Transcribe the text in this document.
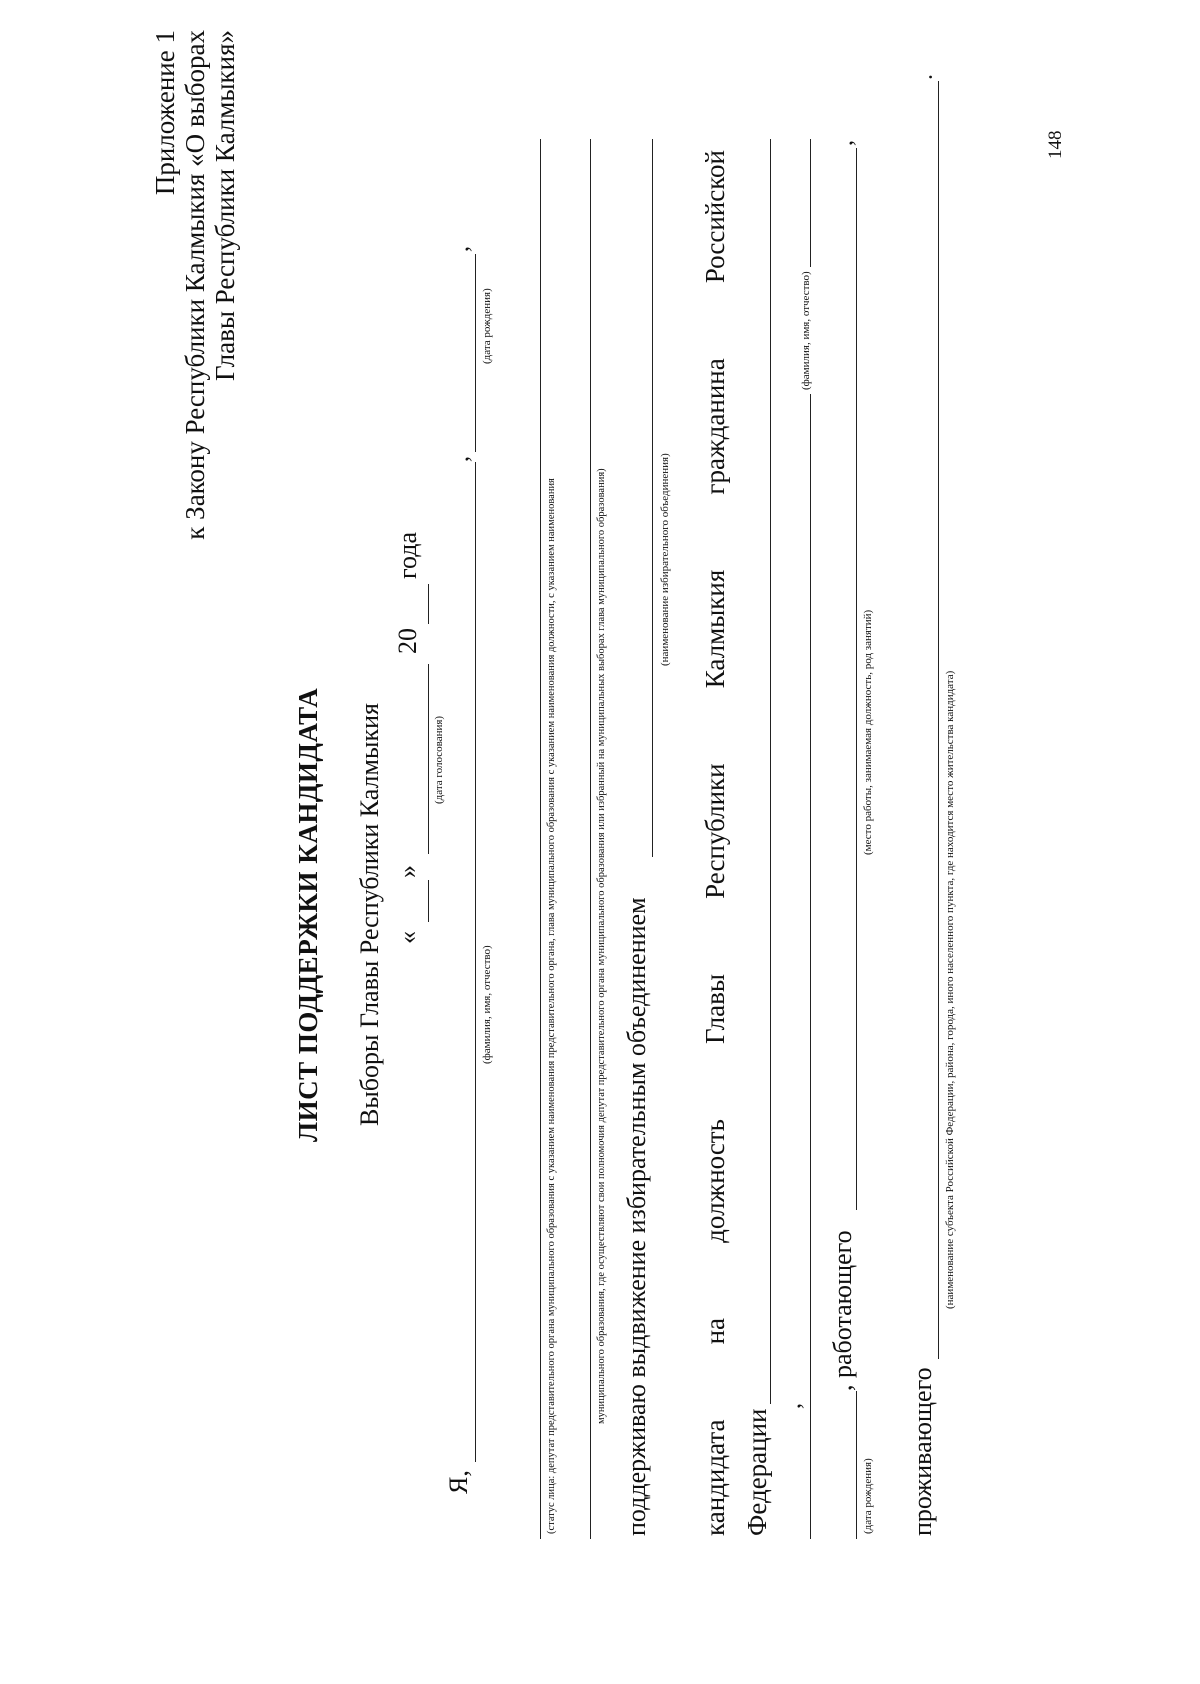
Приложение 1 к Закону Республики Калмыкия «О выборах Главы Республики Калмыкия»
ЛИСТ ПОДДЕРЖКИ КАНДИДАТА Выборы Главы Республики Калмыкия «
»
20
года
(дата голосования)
Я,
(фамилия, имя, отчество)
,
(дата рождения)
,
(статус лица: депутат представительного органа муниципального образования с указанием наименования представительного органа, глава муниципального образования с указанием наименования должности, с указанием наименования	муниципального образования, где осуществляют свои полномочия депутат представительного органа муниципального образования или избранный на муниципальных выборах глава муниципального образования) поддерживаю выдвижение избирательным объединением
(наименование избирательного объединения)
кандидата
на
должность
Главы
Республики
Калмыкия
гражданина
Российской
Федерации
(фамилия, имя, отчество)
,
(дата рождения)
, работающего
(место работы, занимаемая должность, род занятий)
,
проживающего
(наименование субъекта Российской Федерации, района, города, иного населенного пункта, где находится место жительства кандидата)
.
148
